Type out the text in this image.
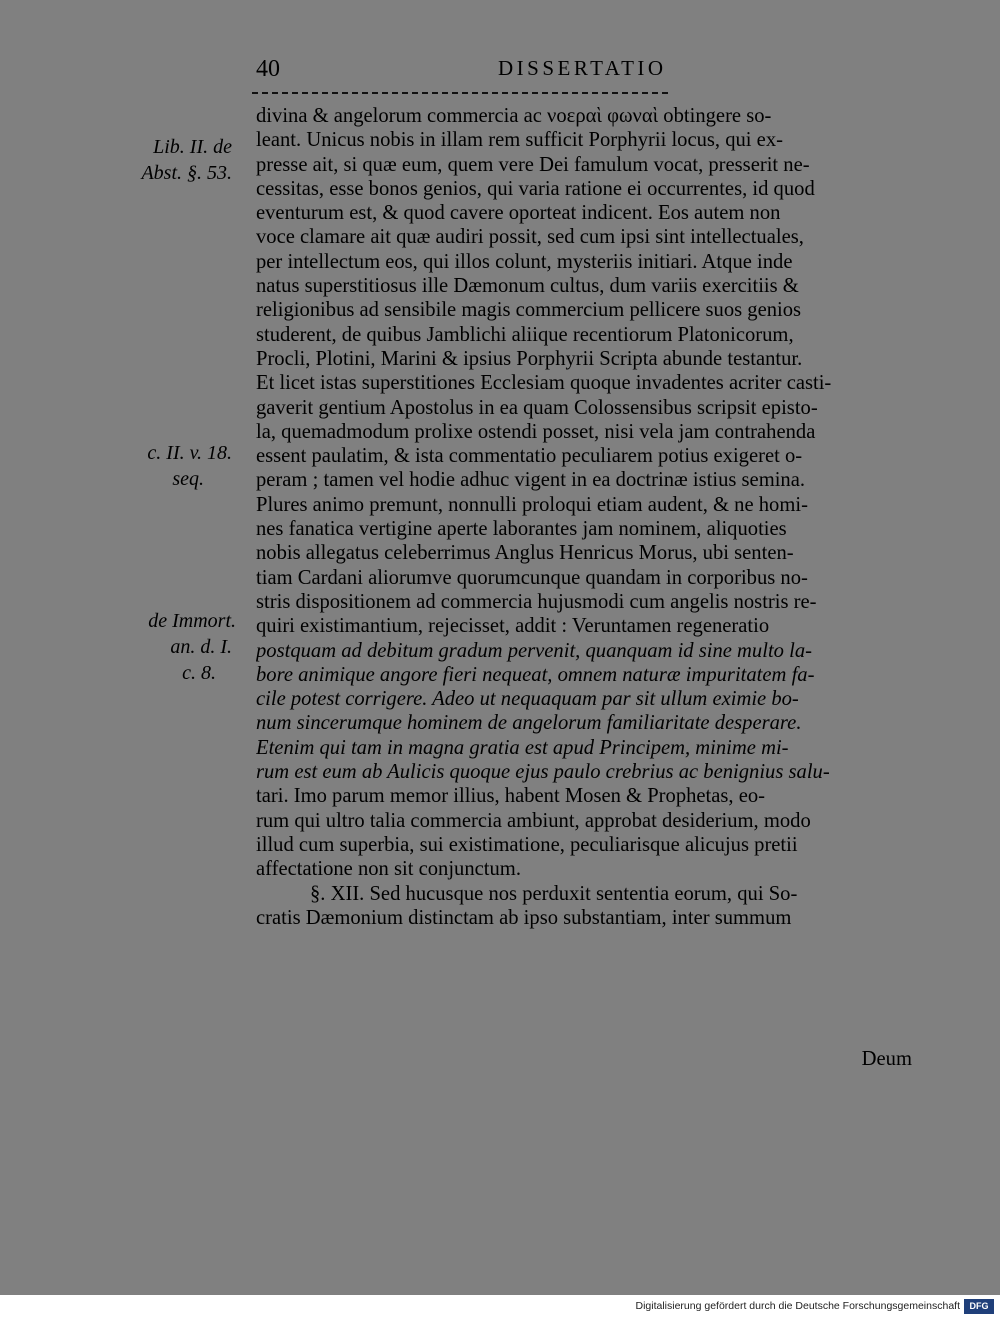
40	DISSERTATIO
Lib. II. de
Abst. §. 53.
c. II. v. 18.
seq.
de Immort.
an. d. I.
c. 8.
divina & angelorum commercia ac νοεραὶ φωναὶ obtingere so-
leant. Unicus nobis in illam rem sufficit Porphyrii locus, qui ex-
presse ait, si quæ eum, quem vere Dei famulum vocat, presserit ne-
cessitas, esse bonos genios, qui varia ratione ei occurrentes, id quod
eventurum est, & quod cavere oporteat indicent. Eos autem non
voce clamare ait quæ audiri possit, sed cum ipsi sint intellectuales,
per intellectum eos, qui illos colunt, mysteriis initiari. Atque inde
natus superstitiosus ille Dæmonum cultus, dum variis exercitiis &
religionibus ad sensibile magis commercium pellicere suos genios
studerent, de quibus Jamblichi aliique recentiorum Platonicorum,
Procli, Plotini, Marini & ipsius Porphyrii Scripta abunde testantur.
Et licet istas superstitiones Ecclesiam quoque invadentes acriter casti-
gaverit gentium Apostolus in ea quam Colossensibus scripsit episto-
la, quemadmodum prolixe ostendi posset, nisi vela jam contrahenda
essent paulatim, & ista commentatio peculiarem potius exigeret o-
peram ; tamen vel hodie adhuc vigent in ea doctrinæ istius semina.
Plures animo premunt, nonnulli proloqui etiam audent, & ne homi-
nes fanatica vertigine aperte laborantes jam nominem, aliquoties
nobis allegatus celeberrimus Anglus Henricus Morus, ubi senten-
tiam Cardani aliorumve quorumcunque quandam in corporibus no-
stris dispositionem ad commercia hujusmodi cum angelis nostris re-
quiri existimantium, rejecisset, addit : Veruntamen regeneratio
postquam ad debitum gradum pervenit, quanquam id sine multo la-
bore animique angore fieri nequeat, omnem naturæ impuritatem fa-
cile potest corrigere. Adeo ut nequaquam par sit ullum eximie bo-
num sincerumque hominem de angelorum familiaritate desperare.
Etenim qui tam in magna gratia est apud Principem, minime mi-
rum est eum ab Aulicis quoque ejus paulo crebrius ac benignius salu-
tari. Imo parum memor illius, habent Mosen & Prophetas, eo-
rum qui ultro talia commercia ambiunt, approbat desiderium, modo
illud cum superbia, sui existimatione, peculiarisque alicujus pretii
affectatione non sit conjunctum.
§. XII. Sed hucusque nos perduxit sententia eorum, qui So-
cratis Dæmonium distinctam ab ipso substantiam, inter summum
Deum
Digitalisierung gefördert durch die Deutsche Forschungsgemeinschaft	DFG
